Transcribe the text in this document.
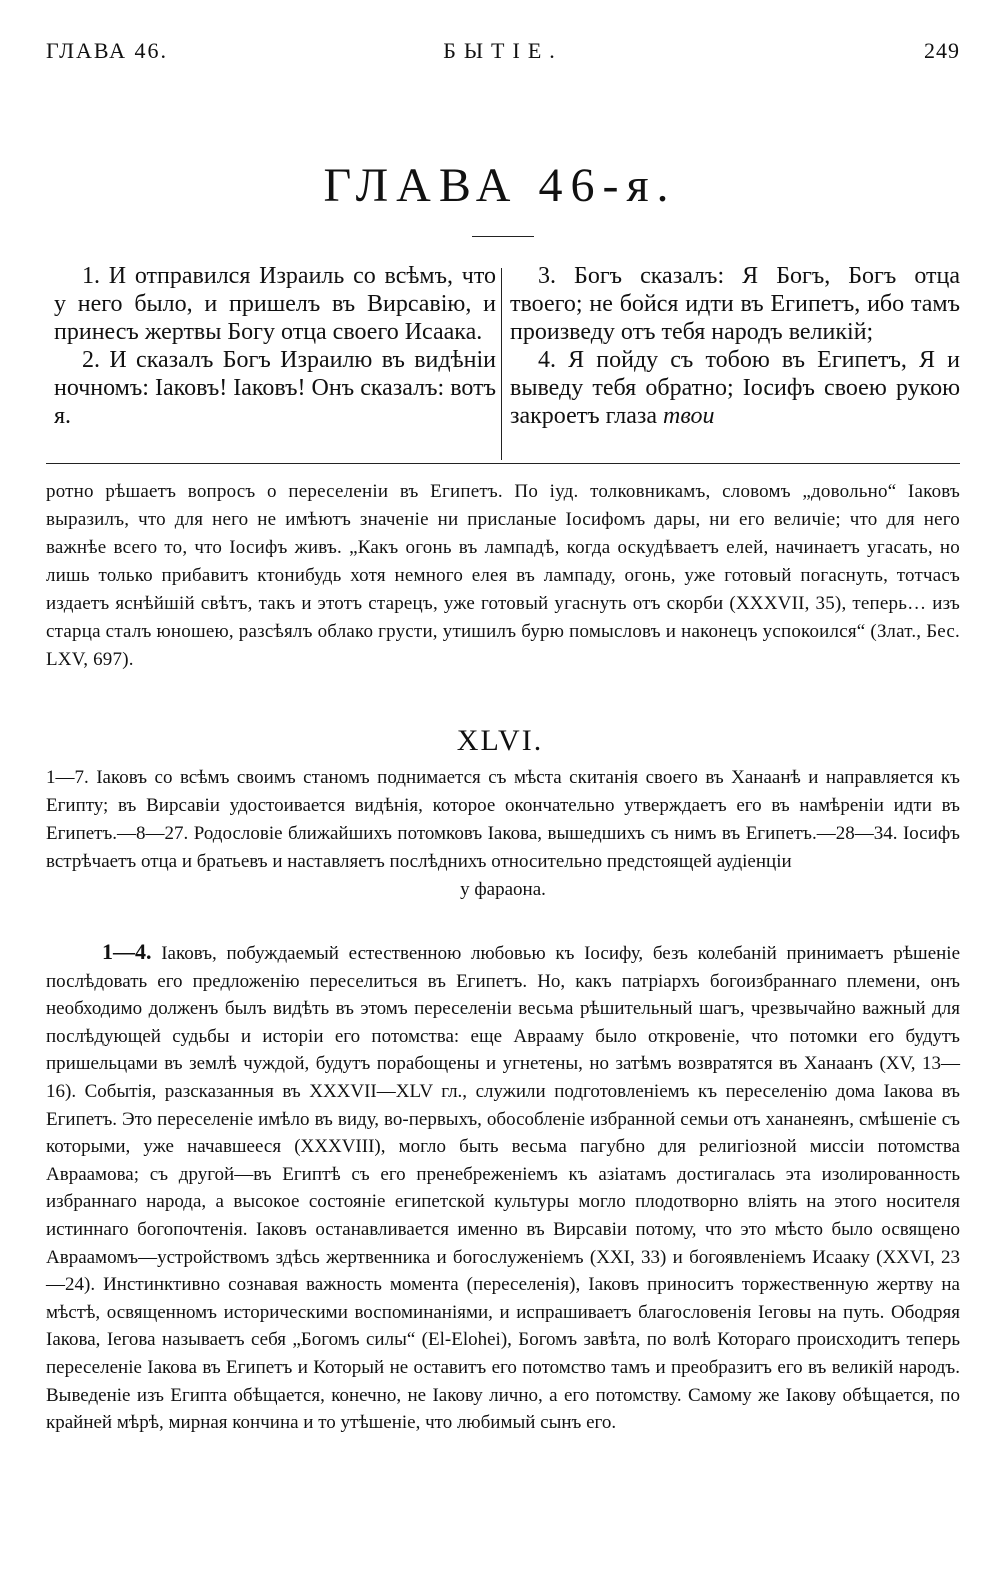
ГЛАВА 46.	БЫТІЕ.	249
ГЛАВА 46-я.

1. И отправился Израиль со всѣмъ, что у него было, и пришелъ въ Вирсавію, и принесъ жертвы Богу отца своего Исаака.

2. И сказалъ Богъ Израилю въ видѣніи ночномъ: Іаковъ! Іаковъ! Онъ сказалъ: вотъ я.

3. Богъ сказалъ: Я Богъ, Богъ отца твоего; не бойся идти въ Египетъ, ибо тамъ произведу отъ тебя народъ великій;

4. Я пойду съ тобою въ Египетъ, Я и выведу тебя обратно; Іосифъ своею рукою закроетъ глаза твои

ротно рѣшаетъ вопросъ о переселеніи въ Египетъ. По іуд. толковникамъ, словомъ „довольно“ Іаковъ выразилъ, что для него не имѣютъ значеніе ни присланые Іосифомъ дары, ни его величіе; что для него важнѣе всего то, что Іосифъ живъ. „Какъ огонь въ лампадѣ, когда оскудѣваетъ елей, начинаетъ угасать, но лишь только прибавитъ ктонибудь хотя немного елея въ лампаду, огонь, уже готовый погаснуть, тотчасъ издаетъ яснѣйшій свѣтъ, такъ и этотъ старецъ, уже готовый угаснуть отъ скорби (XXXVII, 35), теперь… изъ старца сталъ юношею, разсѣялъ облако грусти, утишилъ бурю помысловъ и наконецъ успокоился“ (Злат., Бес. LXV, 697).

XLVI.

1—7. Іаковъ со всѣмъ своимъ станомъ поднимается съ мѣста скитанія своего въ Ханаанѣ и направляется къ Египту; въ Вирсавіи удостоивается видѣнія, которое окончательно утверждаетъ его въ намѣреніи идти въ Египетъ.—8—27. Родословіе ближайшихъ потомковъ Іакова, вышедшихъ съ нимъ въ Египетъ.—28—34. Іосифъ встрѣчаетъ отца и братьевъ и наставляетъ послѣднихъ относительно предстоящей аудіенціи
у фараона.

1—4. Іаковъ, побуждаемый естественною любовью къ Іосифу, безъ колебаній принимаетъ рѣшеніе послѣдовать его предложенію переселиться въ Египетъ. Но, какъ патріархъ богоизбраннаго племени, онъ необходимо долженъ былъ видѣть въ этомъ переселеніи весьма рѣшительный шагъ, чрезвычайно важный для послѣдующей судьбы и исторіи его потомства: еще Аврааму было откровеніе, что потомки его будутъ пришельцами въ землѣ чуждой, будутъ порабощены и угнетены, но затѣмъ возвратятся въ Ханаанъ (XV, 13—16). Событія, разсказанныя въ XXXVII—XLV гл., служили подготовленіемъ къ переселенію дома Іакова въ Египетъ. Это переселеніе имѣло въ виду, во-первыхъ, обособленіе избранной семьи отъ хананеянъ, смѣшеніе съ которыми, уже начавшееся (XXXVIII), могло быть весьма пагубно для религіозной миссіи потомства Авраамова; съ другой—въ Египтѣ съ его пренебреженіемъ къ азіатамъ достигалась эта изолированность избраннаго народа, а высокое состояніе египетской культуры могло плодотворно вліять на этого носителя истиннаго богопочтенія. Іаковъ останавливается именно въ Вирсавіи потому, что это мѣсто было освящено Авраамомъ—устройствомъ здѣсь жертвенника и богослуженіемъ (XXI, 33) и богоявленіемъ Исааку (XXVI, 23—24). Инстинктивно сознавая важность момента (переселенія), Іаковъ приноситъ торжественную жертву на мѣстѣ, освященномъ историческими воспоминаніями, и испрашиваетъ благословенія Іеговы на путь. Ободряя Іакова, Іегова называетъ себя „Богомъ силы“ (El-Elohei), Богомъ завѣта, по волѣ Котораго происходитъ теперь переселеніе Іакова въ Египетъ и Который не оставитъ его потомство тамъ и преобразитъ его въ великій народъ. Выведеніе изъ Египта обѣщается, конечно, не Іакову лично, а его потомству. Самому же Іакову обѣщается, по крайней мѣрѣ, мирная кончина и то утѣшеніе, что любимый сынъ его.
